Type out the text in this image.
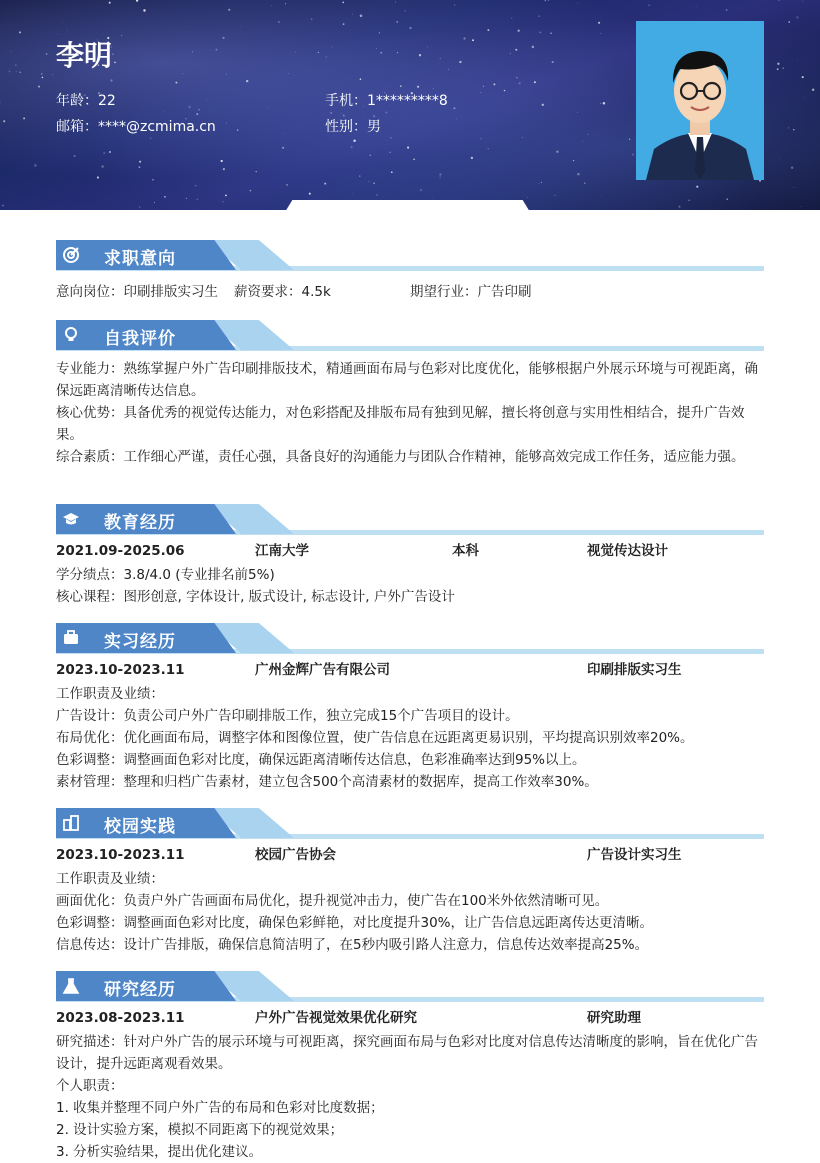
李明
年龄：22	手机：1*********8
邮箱：****@zcmima.cn	性别：男
求职意向
意向岗位：印刷排版实习生 薪资要求：4.5k	期望行业：广告印刷
自我评价
专业能力：熟练掌握户外广告印刷排版技术，精通画面布局与色彩对比度优化，能够根据户外展示环境与可视距离，确保远距离清晰传达信息。
核心优势：具备优秀的视觉传达能力，对色彩搭配及排版布局有独到见解，擅长将创意与实用性相结合，提升广告效果。
综合素质：工作细心严谨，责任心强，具备良好的沟通能力与团队合作精神，能够高效完成工作任务，适应能力强。
教育经历
2021.09-2025.06	江南大学	本科	视觉传达设计
学分绩点：3.8/4.0 (专业排名前5%)
核心课程：图形创意, 字体设计, 版式设计, 标志设计, 户外广告设计
实习经历
2023.10-2023.11	广州金辉广告有限公司	印刷排版实习生
工作职责及业绩：
广告设计：负责公司户外广告印刷排版工作，独立完成15个广告项目的设计。
布局优化：优化画面布局，调整字体和图像位置，使广告信息在远距离更易识别，平均提高识别效率20%。
色彩调整：调整画面色彩对比度，确保远距离清晰传达信息，色彩准确率达到95%以上。
素材管理：整理和归档广告素材，建立包含500个高清素材的数据库，提高工作效率30%。
校园实践
2023.10-2023.11	校园广告协会	广告设计实习生
工作职责及业绩：
画面优化：负责户外广告画面布局优化，提升视觉冲击力，使广告在100米外依然清晰可见。
色彩调整：调整画面色彩对比度，确保色彩鲜艳，对比度提升30%，让广告信息远距离传达更清晰。
信息传达：设计广告排版，确保信息简洁明了，在5秒内吸引路人注意力，信息传达效率提高25%。
研究经历
2023.08-2023.11	户外广告视觉效果优化研究	研究助理
研究描述：针对户外广告的展示环境与可视距离，探究画面布局与色彩对比度对信息传达清晰度的影响，旨在优化广告设计，提升远距离观看效果。
个人职责：
1. 收集并整理不同户外广告的布局和色彩对比度数据；
2. 设计实验方案，模拟不同距离下的视觉效果；
3. 分析实验结果，提出优化建议。
